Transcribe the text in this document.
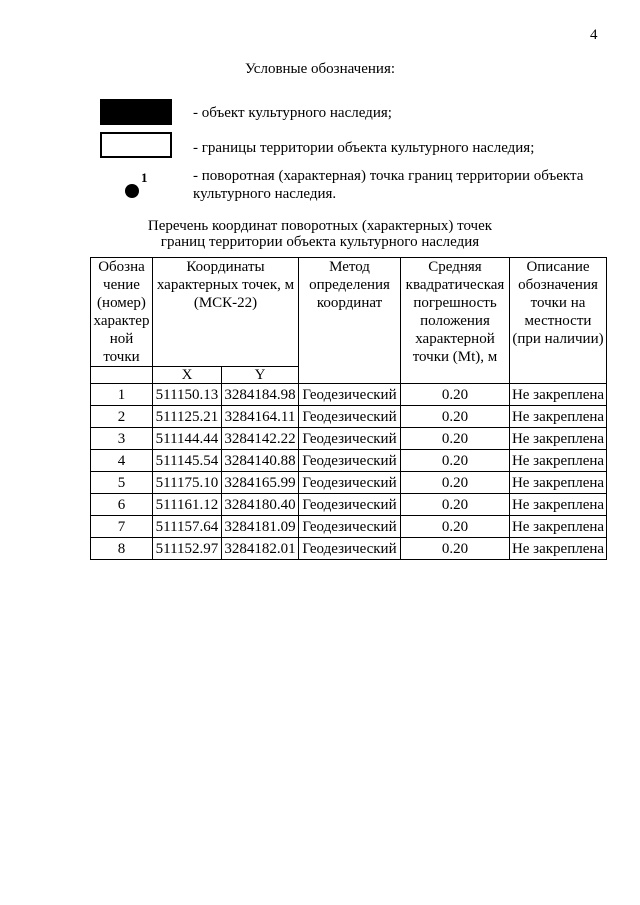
4
Условные обозначения:
- объект культурного наследия;
- границы территории объекта культурного наследия;
1	- поворотная (характерная) точка границ территории объекта культурного наследия.
Перечень координат поворотных (характерных) точек
границ территории объекта культурного наследия
Обозна чение (номер) характер ной точки	Координаты характерных точек, м (МСК-22)		Метод определения координат	Средняя квадратическая погрешность положения характерной точки (Mt), м	Описание обозначения точки на местности (при наличии)

	X	Y			
1	511150.13	3284184.98	Геодезический	0.20	Не закреплена
2	511125.21	3284164.11	Геодезический	0.20	Не закреплена
3	511144.44	3284142.22	Геодезический	0.20	Не закреплена
4	511145.54	3284140.88	Геодезический	0.20	Не закреплена
5	511175.10	3284165.99	Геодезический	0.20	Не закреплена
6	511161.12	3284180.40	Геодезический	0.20	Не закреплена
7	511157.64	3284181.09	Геодезический	0.20	Не закреплена
8	511152.97	3284182.01	Геодезический	0.20	Не закреплена
